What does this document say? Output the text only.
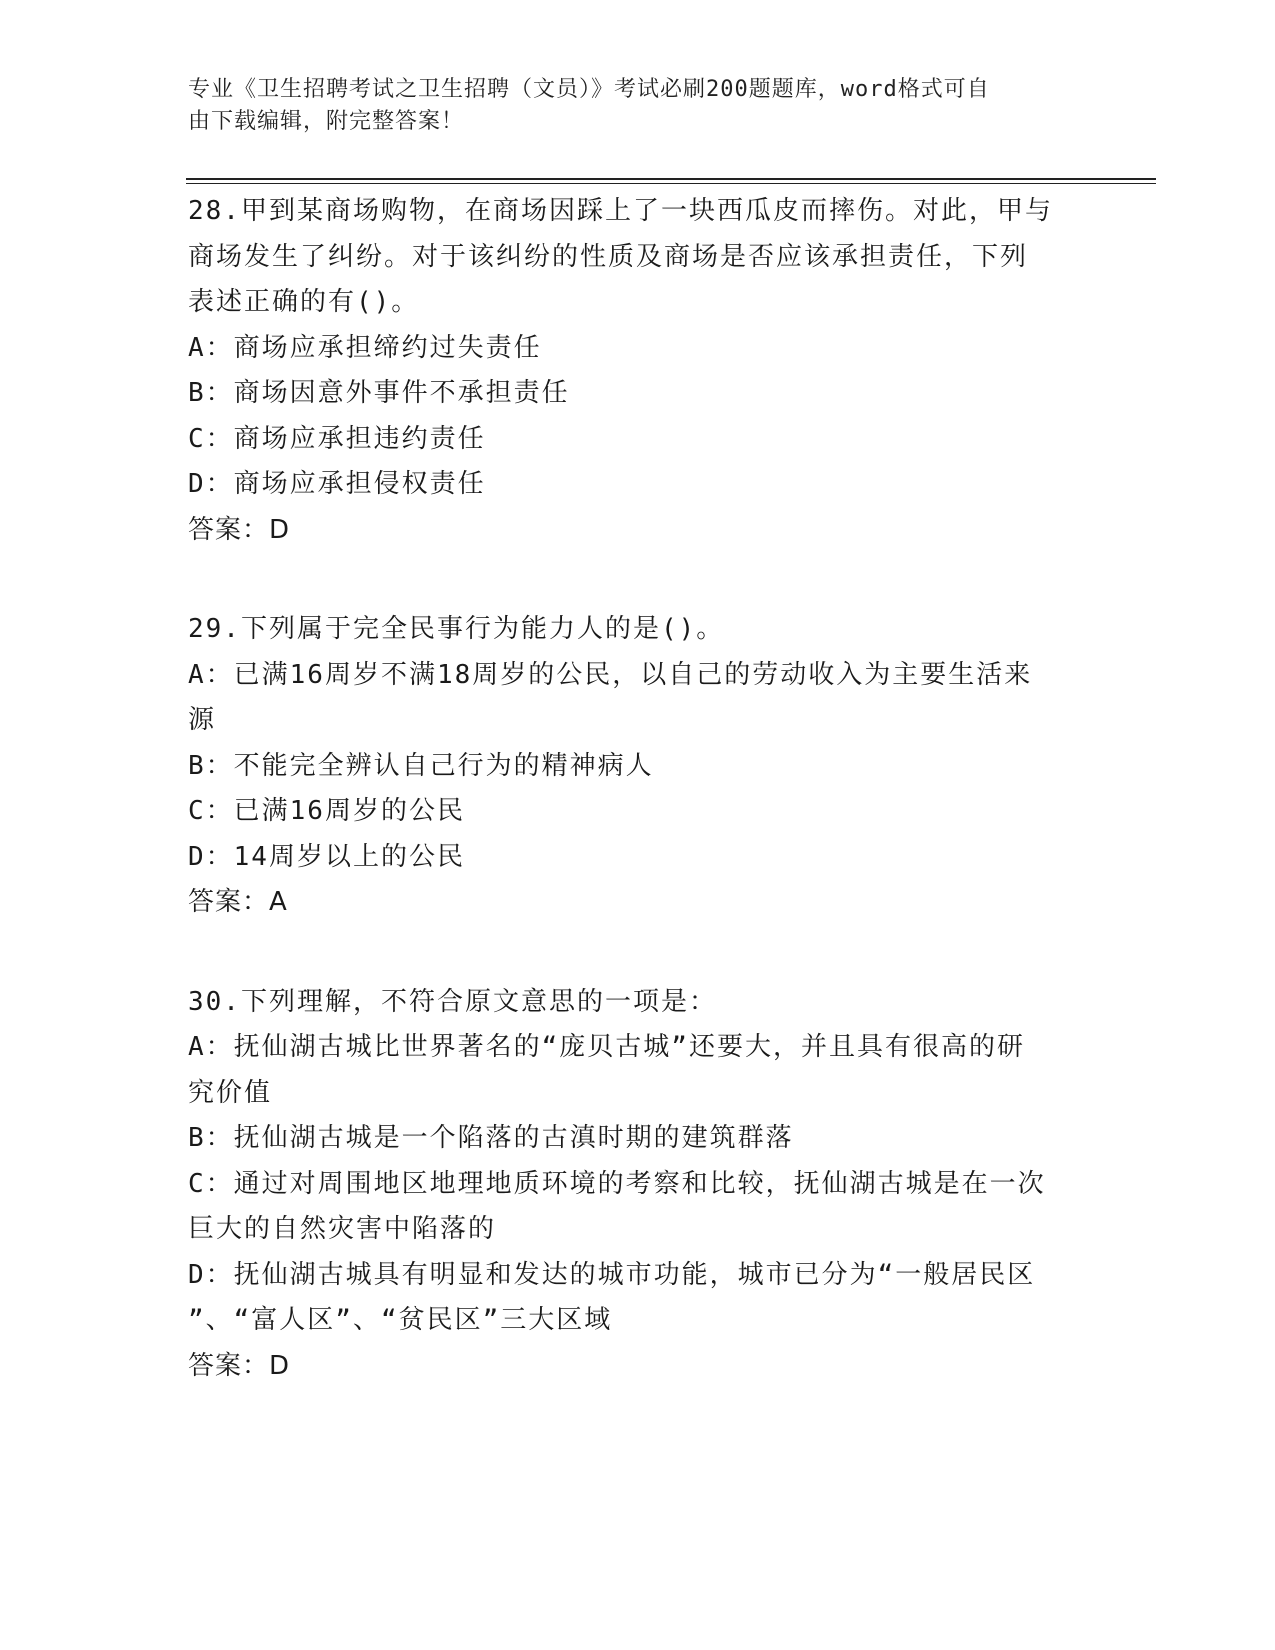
专业《卫生招聘考试之卫生招聘（文员）》考试必刷200题题库，word格式可自
由下载编辑，附完整答案！

28.甲到某商场购物，在商场因踩上了一块西瓜皮而摔伤。对此，甲与

商场发生了纠纷。对于该纠纷的性质及商场是否应该承担责任，下列

表述正确的有()。

A：商场应承担缔约过失责任

B：商场因意外事件不承担责任

C：商场应承担违约责任

D：商场应承担侵权责任

答案：D

29.下列属于完全民事行为能力人的是()。

A：已满16周岁不满18周岁的公民，以自己的劳动收入为主要生活来

源

B：不能完全辨认自己行为的精神病人

C：已满16周岁的公民

D：14周岁以上的公民

答案：A

30.下列理解，不符合原文意思的一项是：

A：抚仙湖古城比世界著名的“庞贝古城”还要大，并且具有很高的研

究价值

B：抚仙湖古城是一个陷落的古滇时期的建筑群落

C：通过对周围地区地理地质环境的考察和比较，抚仙湖古城是在一次

巨大的自然灾害中陷落的

D：抚仙湖古城具有明显和发达的城市功能，城市已分为“一般居民区

”、“富人区”、“贫民区”三大区域

答案：D
